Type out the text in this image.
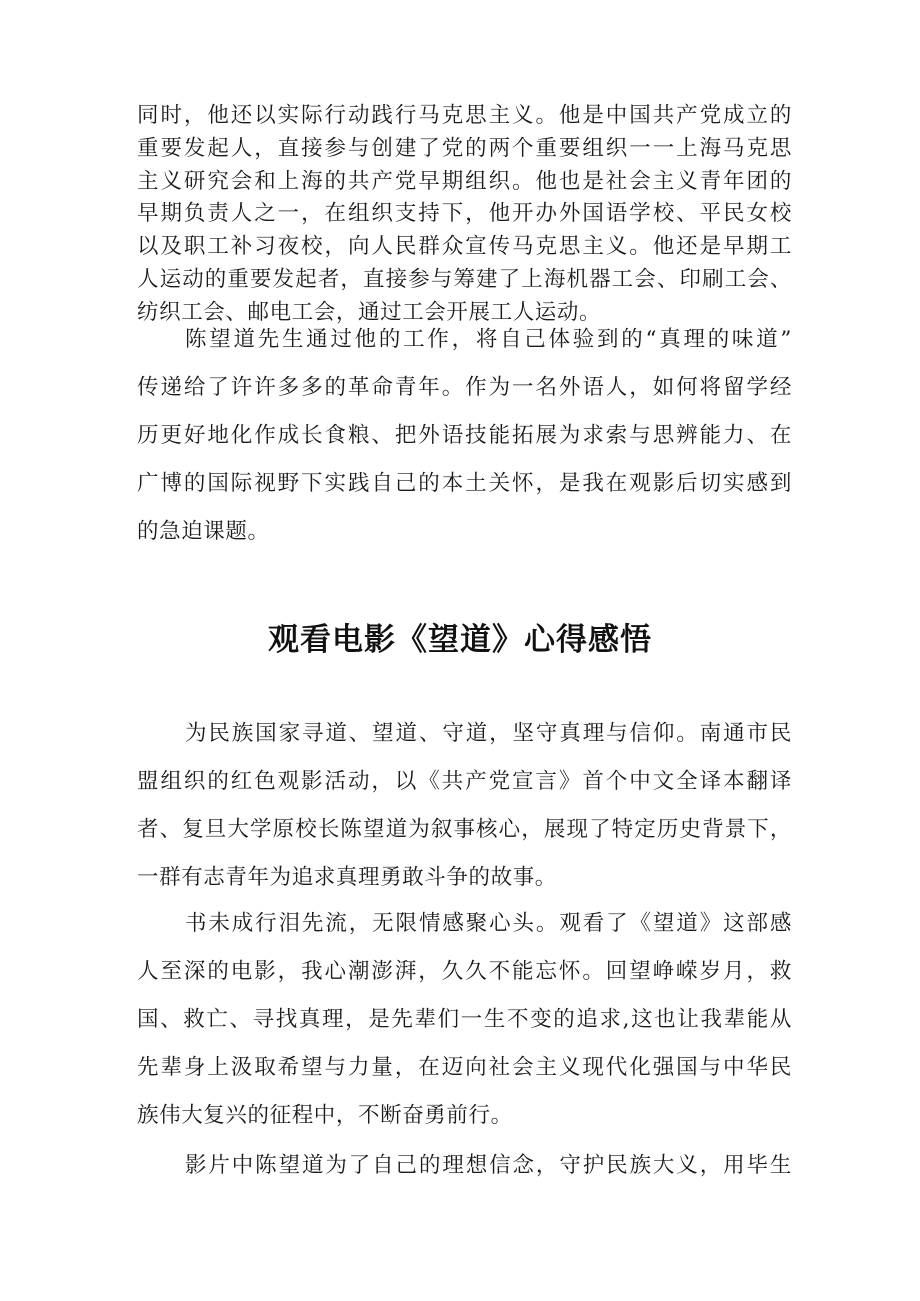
同时，他还以实际行动践行马克思主义。他是中国共产党成立的
重要发起人，直接参与创建了党的两个重要组织一一上海马克思
主义研究会和上海的共产党早期组织。他也是社会主义青年团的
早期负责人之一，在组织支持下，他开办外国语学校、平民女校
以及职工补习夜校，向人民群众宣传马克思主义。他还是早期工
人运动的重要发起者，直接参与筹建了上海机器工会、印刷工会、
纺织工会、邮电工会，通过工会开展工人运动。
陈望道先生通过他的工作，将自己体验到的“真理的味道”
传递给了许许多多的革命青年。作为一名外语人，如何将留学经
历更好地化作成长食粮、把外语技能拓展为求索与思辨能力、在
广博的国际视野下实践自己的本土关怀，是我在观影后切实感到
的急迫课题。
观看电影《望道》心得感悟
为民族国家寻道、望道、守道，坚守真理与信仰。南通市民
盟组织的红色观影活动，以《共产党宣言》首个中文全译本翻译
者、复旦大学原校长陈望道为叙事核心，展现了特定历史背景下，
一群有志青年为追求真理勇敢斗争的故事。
书未成行泪先流，无限情感聚心头。观看了《望道》这部感
人至深的电影，我心潮澎湃，久久不能忘怀。回望峥嵘岁月，救
国、救亡、寻找真理，是先辈们一生不变的追求,这也让我辈能从
先辈身上汲取希望与力量，在迈向社会主义现代化强国与中华民
族伟大复兴的征程中，不断奋勇前行。
影片中陈望道为了自己的理想信念，守护民族大义，用毕生
